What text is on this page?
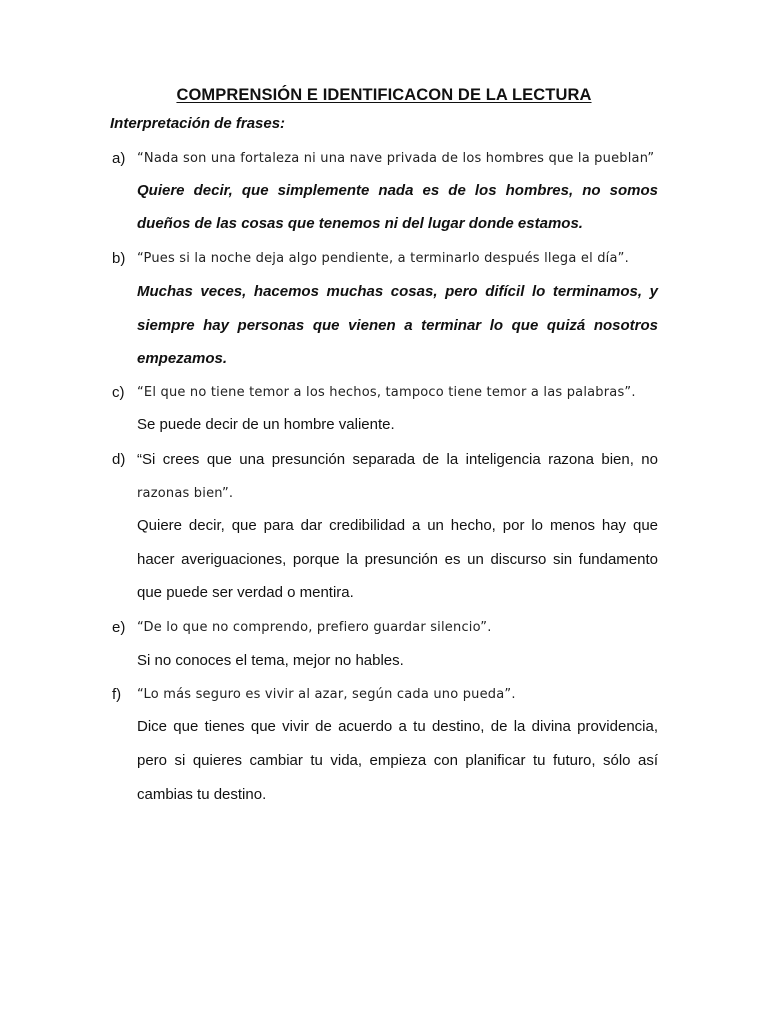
COMPRENSIÓN E IDENTIFICACON DE LA LECTURA
Interpretación de frases:
a) “Nada son una fortaleza ni una nave privada de los hombres que la pueblan”
Quiere decir, que simplemente nada es de los hombres, no somos
dueños de las cosas que tenemos ni del lugar donde estamos.
b) “Pues si la noche deja algo pendiente, a terminarlo después llega el día”.
Muchas veces, hacemos muchas cosas, pero difícil lo terminamos, y
siempre hay personas que vienen a terminar lo que quizá nosotros
empezamos.
c) “El que no tiene temor a los hechos, tampoco tiene temor a las palabras”.
Se puede decir de un hombre valiente.
d) “Si crees que una presunción separada de la inteligencia razona bien, no
razonas bien”.
Quiere decir, que para dar credibilidad a un hecho, por lo menos hay que
hacer averiguaciones, porque la presunción es un discurso sin fundamento
que puede ser verdad o mentira.
e) “De lo que no comprendo, prefiero guardar silencio”.
Si no conoces el tema, mejor no hables.
f) “Lo más seguro es vivir al azar, según cada uno pueda”.
Dice que tienes que vivir de acuerdo a tu destino, de la divina providencia,
pero si quieres cambiar tu vida, empieza con planificar tu futuro, sólo así
cambias tu destino.
